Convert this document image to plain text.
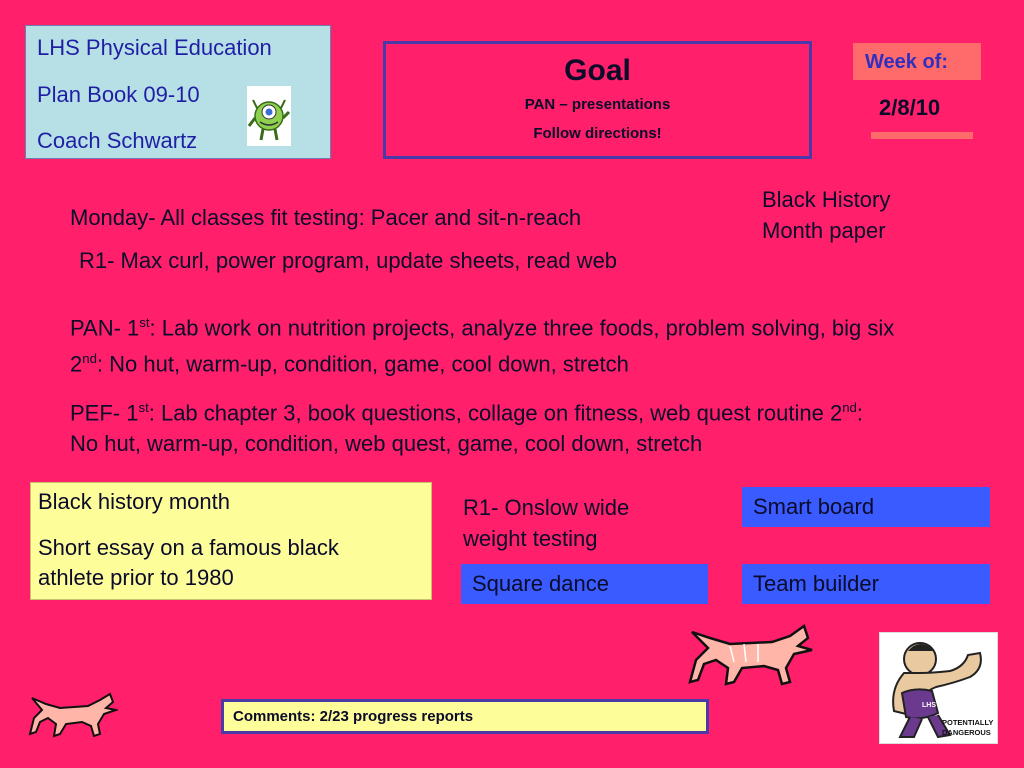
LHS Physical Education
Plan Book 09-10
Coach Schwartz
Goal
PAN – presentations
Follow directions!
Week of:
2/8/10
Black History
Month paper
Monday- All classes fit testing: Pacer and sit-n-reach
R1- Max curl, power program, update sheets, read web
PAN- 1st: Lab work on nutrition projects, analyze three foods, problem solving, big six 2nd: No hut, warm-up, condition, game, cool down, stretch
PEF- 1st: Lab chapter 3, book questions, collage on fitness, web quest routine 2nd: No hut, warm-up, condition, web quest, game, cool down, stretch
Black history month
Short essay on a famous black
athlete prior to 1980
R1- Onslow wide
weight testing
Smart board
Square dance	Team builder
Comments: 2/23 progress reports
LHS
POTENTIALLY
DANGEROUS
